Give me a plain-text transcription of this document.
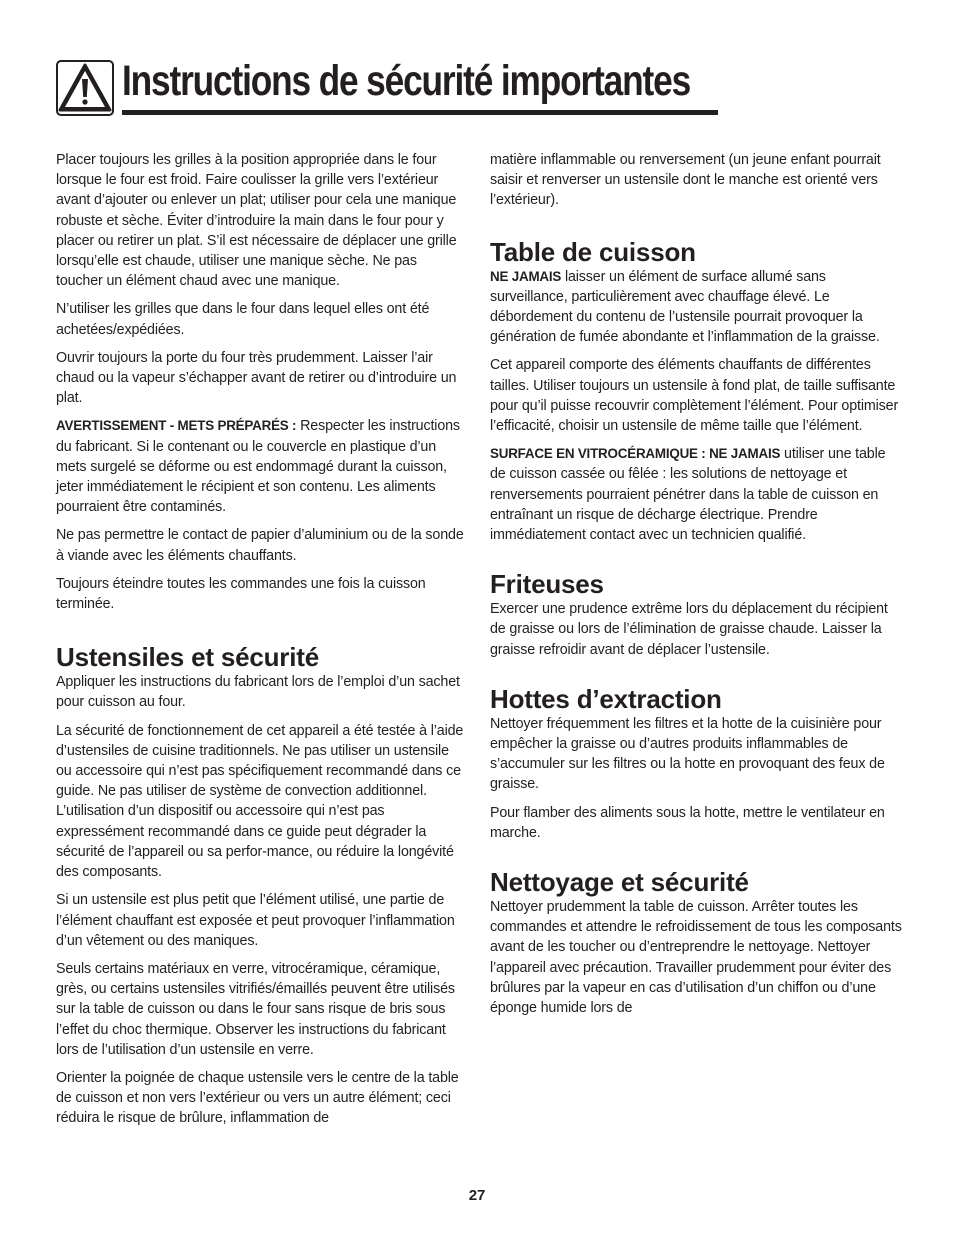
Instructions de sécurité importantes

Placer toujours les grilles à la position appropriée dans le four lorsque le four est froid. Faire coulisser la grille vers l’extérieur avant d’ajouter ou enlever un plat; utiliser pour cela une manique robuste et sèche. Éviter d’introduire la main dans le four pour y placer ou retirer un plat. S’il est nécessaire de déplacer une grille lorsqu’elle est chaude, utiliser une manique sèche. Ne pas toucher un élément chaud avec une manique.

N’utiliser les grilles que dans le four dans lequel elles ont été achetées/expédiées.

Ouvrir toujours la porte du four très prudemment. Laisser l’air chaud ou la vapeur s’échapper avant de retirer ou d’introduire un plat.

AVERTISSEMENT - METS PRÉPARÉS : Respecter les instructions du fabricant. Si le contenant ou le couvercle en plastique d’un mets surgelé se déforme ou est endommagé durant la cuisson, jeter immédiatement le récipient et son contenu. Les aliments pourraient être contaminés.

Ne pas permettre le contact de papier d’aluminium ou de la sonde à viande avec les éléments chauffants.

Toujours éteindre toutes les commandes une fois la cuisson terminée.

Ustensiles et sécurité

Appliquer les instructions du fabricant lors de l’emploi d’un sachet pour cuisson au four.

La sécurité de fonctionnement de cet appareil a été testée à l’aide d’ustensiles de cuisine traditionnels. Ne pas utiliser un ustensile ou accessoire qui n’est pas spécifiquement recommandé dans ce guide. Ne pas utiliser de système de convection additionnel. L’utilisation d’un dispositif ou accessoire qui n’est pas expressément recommandé dans ce guide peut dégrader la sécurité de l’appareil ou sa perfor-mance, ou réduire la longévité des composants.

Si un ustensile est plus petit que l’élément utilisé, une partie de l’élément chauffant est exposée et peut provoquer l’inflammation d’un vêtement ou des maniques.

Seuls certains matériaux en verre, vitrocéramique, céramique, grès, ou certains ustensiles vitrifiés/émaillés peuvent être utilisés sur la table de cuisson ou dans le four sans risque de bris sous l’effet du choc thermique. Observer les instructions du fabricant lors de l’utilisation d’un ustensile en verre.

Orienter la poignée de chaque ustensile vers le centre de la table de cuisson et non vers l’extérieur ou vers un autre élément; ceci réduira le risque de brûlure, inflammation de

matière inflammable ou renversement (un jeune enfant pourrait saisir et renverser un ustensile dont le manche est orienté vers l’extérieur).

Table de cuisson

NE JAMAIS laisser un élément de surface allumé sans surveillance, particulièrement avec chauffage élevé. Le débordement du contenu de l’ustensile pourrait provoquer la génération de fumée abondante et l’inflammation de la graisse.

Cet appareil comporte des éléments chauffants de différentes tailles. Utiliser toujours un ustensile à fond plat, de taille suffisante pour qu’il puisse recouvrir complètement l’élément. Pour optimiser l’efficacité, choisir un ustensile de même taille que l’élément.

SURFACE EN VITROCÉRAMIQUE : NE JAMAIS utiliser une table de cuisson cassée ou fêlée : les solutions de nettoyage et renversements pourraient pénétrer dans la table de cuisson en entraînant un risque de décharge électrique. Prendre immédiatement contact avec un technicien qualifié.

Friteuses

Exercer une prudence extrême lors du déplacement du récipient de graisse ou lors de l’élimination de graisse chaude. Laisser la graisse refroidir avant de déplacer l’ustensile.

Hottes d’extraction

Nettoyer fréquemment les filtres et la hotte de la cuisinière pour empêcher la graisse ou d’autres produits inflammables de s’accumuler sur les filtres ou la hotte en provoquant des feux de graisse.

Pour flamber des aliments sous la hotte, mettre le ventilateur en marche.

Nettoyage et sécurité

Nettoyer prudemment la table de cuisson. Arrêter toutes les commandes et attendre le refroidissement de tous les composants avant de les toucher ou d’entreprendre le nettoyage. Nettoyer l’appareil avec précaution. Travailler prudemment pour éviter des brûlures par la vapeur en cas d’utilisation d’un chiffon ou d’une éponge humide lors de

27
